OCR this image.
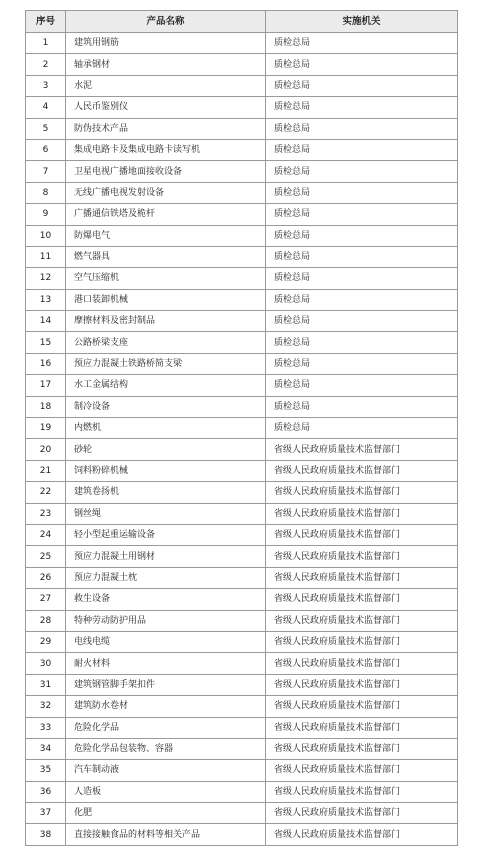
序号	产品名称	实施机关
1	建筑用钢筋	质检总局
2	轴承钢材	质检总局
3	水泥	质检总局
4	人民币鉴别仪	质检总局
5	防伪技术产品	质检总局
6	集成电路卡及集成电路卡读写机	质检总局
7	卫星电视广播地面接收设备	质检总局
8	无线广播电视发射设备	质检总局
9	广播通信铁塔及桅杆	质检总局
10	防爆电气	质检总局
11	燃气器具	质检总局
12	空气压缩机	质检总局
13	港口装卸机械	质检总局
14	摩擦材料及密封制品	质检总局
15	公路桥梁支座	质检总局
16	预应力混凝土铁路桥简支梁	质检总局
17	水工金属结构	质检总局
18	制冷设备	质检总局
19	内燃机	质检总局
20	砂轮	省级人民政府质量技术监督部门
21	饲料粉碎机械	省级人民政府质量技术监督部门
22	建筑卷扬机	省级人民政府质量技术监督部门
23	钢丝绳	省级人民政府质量技术监督部门
24	轻小型起重运输设备	省级人民政府质量技术监督部门
25	预应力混凝土用钢材	省级人民政府质量技术监督部门
26	预应力混凝土枕	省级人民政府质量技术监督部门
27	救生设备	省级人民政府质量技术监督部门
28	特种劳动防护用品	省级人民政府质量技术监督部门
29	电线电缆	省级人民政府质量技术监督部门
30	耐火材料	省级人民政府质量技术监督部门
31	建筑钢管脚手架扣件	省级人民政府质量技术监督部门
32	建筑防水卷材	省级人民政府质量技术监督部门
33	危险化学品	省级人民政府质量技术监督部门
34	危险化学品包装物、容器	省级人民政府质量技术监督部门
35	汽车制动液	省级人民政府质量技术监督部门
36	人造板	省级人民政府质量技术监督部门
37	化肥	省级人民政府质量技术监督部门
38	直接接触食品的材料等相关产品	省级人民政府质量技术监督部门
